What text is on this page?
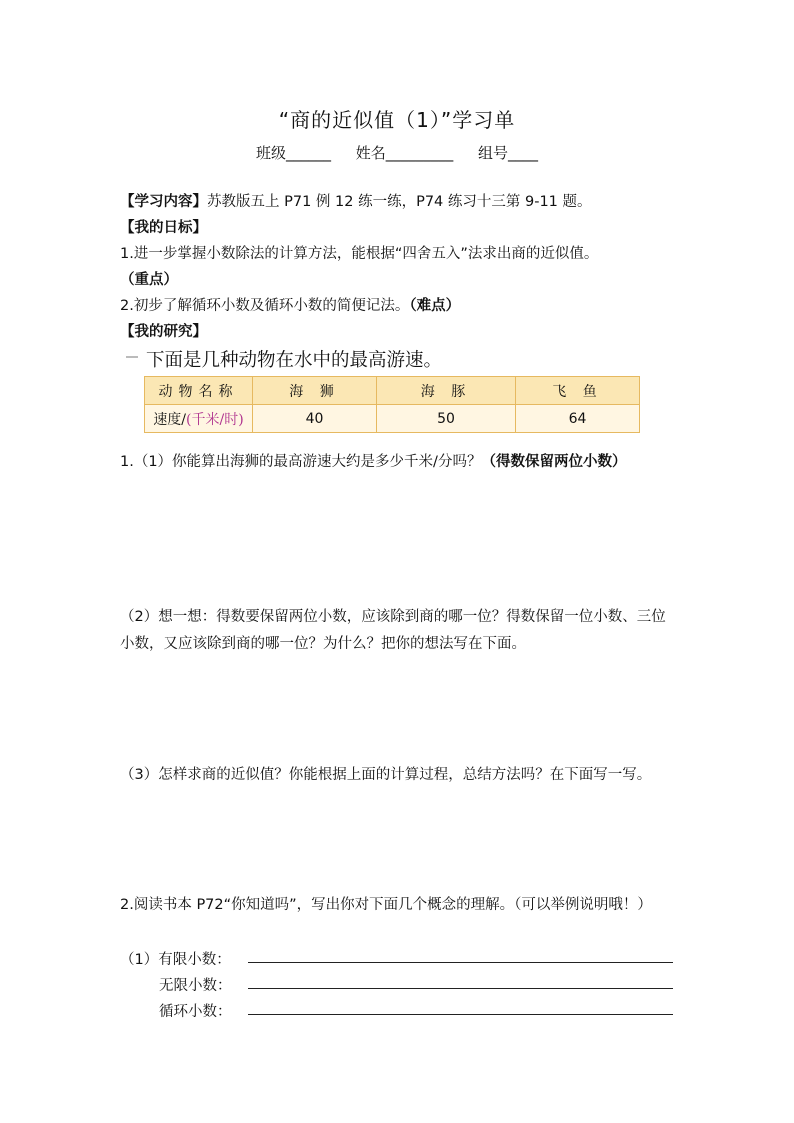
“商的近似值（1）”学习单
班级______ 姓名_________ 组号____
【学习内容】苏教版五上 P71 例 12 练一练，P74 练习十三第 9-11 题。
【我的日标】
1.进一步掌握小数除法的计算方法，能根据“四舍五入”法求出商的近似值。
（重点）
2.初步了解循环小数及循环小数的简便记法。（难点）
【我的研究】
下面是几种动物在水中的最高游速。
动物名称	海 狮	海 豚	飞 鱼
速度/(千米/时)	40	50	64
1.（1）你能算出海狮的最高游速大约是多少千米/分吗？（得数保留两位小数）
（2）想一想：得数要保留两位小数，应该除到商的哪一位？得数保留一位小数、三位小数，又应该除到商的哪一位？为什么？把你的想法写在下面。
（3）怎样求商的近似值？你能根据上面的计算过程，总结方法吗？在下面写一写。
2.阅读书本 P72“你知道吗”，写出你对下面几个概念的理解。（可以举例说明哦！）
（1）有限小数：
无限小数：
循环小数：
